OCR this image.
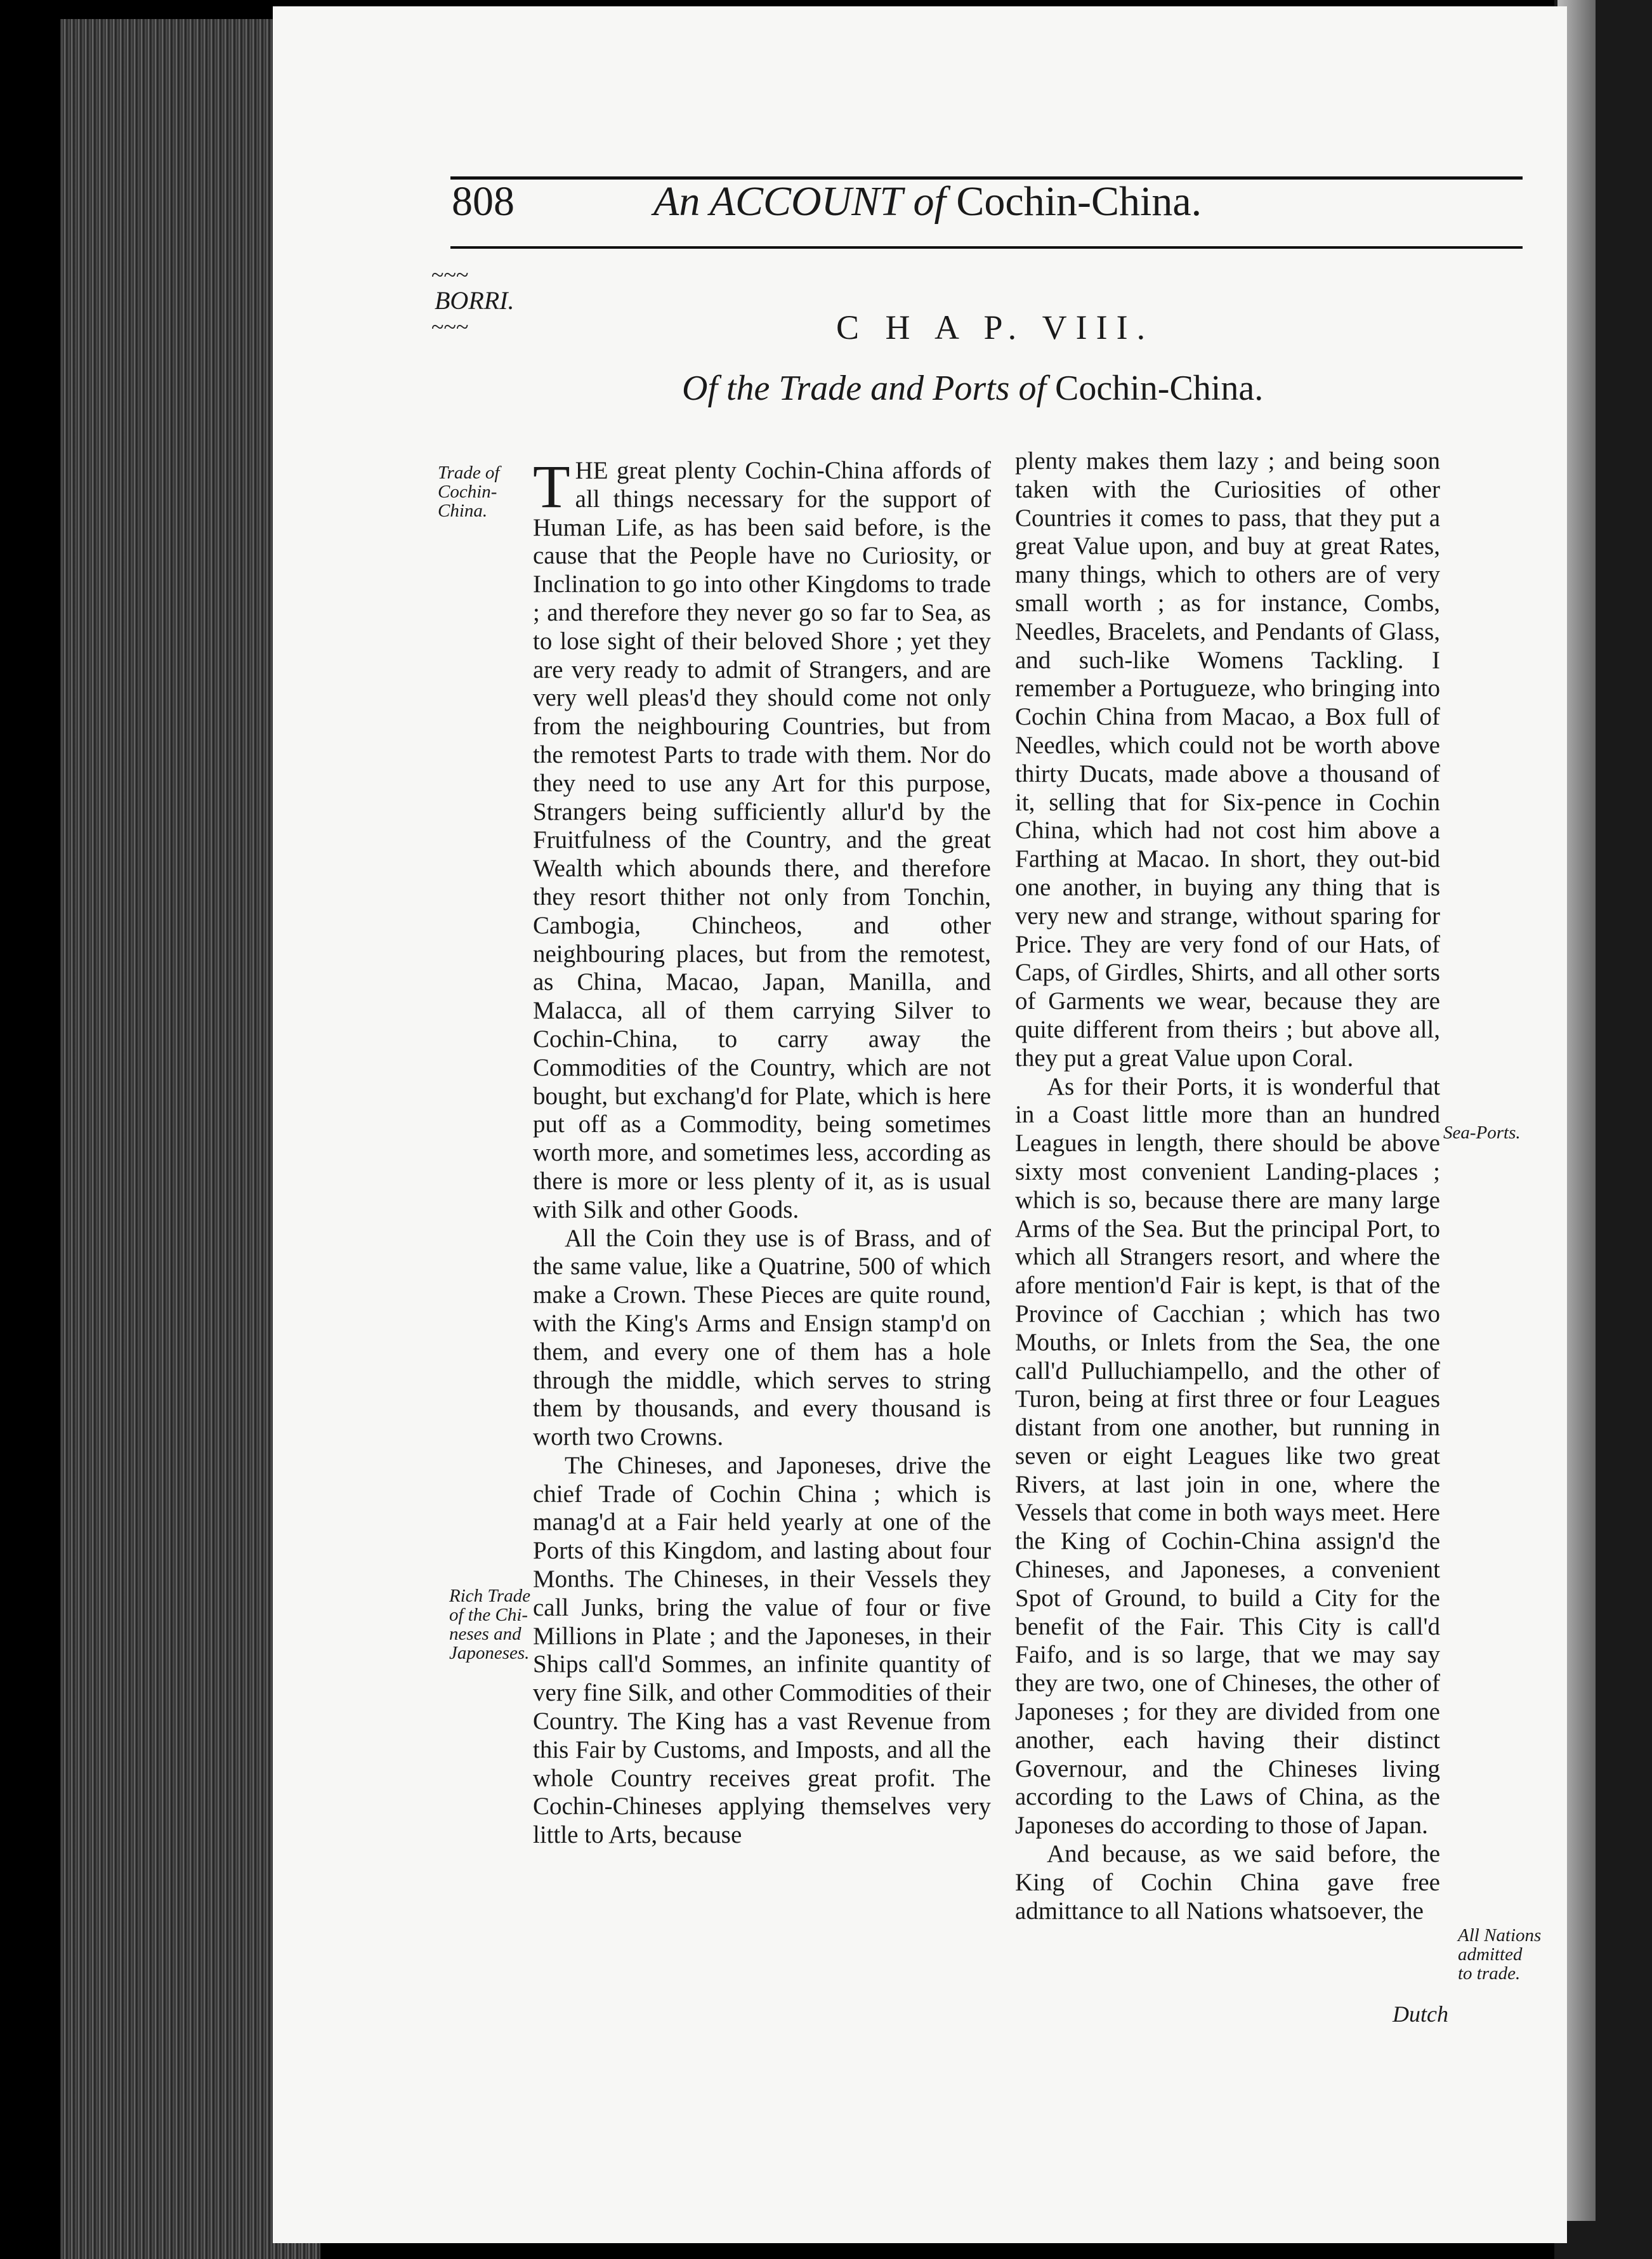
808	An ACCOUNT of Cochin-China.
~~~
BORRI.
~~~	C H A P. VIII.
Of the Trade and Ports of Cochin-China.
Trade of
Cochin-
China.
Rich Trade
of the Chi-
neses and
Japoneses.
Sea-Ports.
All Nations
admitted
to trade.

THE great plenty Cochin-China affords of all things necessary for the support of Human Life, as has been said before, is the cause that the People have no Curiosity, or Inclination to go into other Kingdoms to trade ; and therefore they never go so far to Sea, as to lose sight of their beloved Shore ; yet they are very ready to admit of Strangers, and are very well pleas'd they should come not only from the neighbouring Countries, but from the remotest Parts to trade with them. Nor do they need to use any Art for this purpose, Strangers being sufficiently allur'd by the Fruitfulness of the Country, and the great Wealth which abounds there, and therefore they resort thither not only from Tonchin, Cambogia, Chincheos, and other neighbouring places, but from the remotest, as China, Macao, Japan, Manilla, and Malacca, all of them carrying Silver to Cochin-China, to carry away the Commodities of the Country, which are not bought, but exchang'd for Plate, which is here put off as a Commodity, being sometimes worth more, and sometimes less, according as there is more or less plenty of it, as is usual with Silk and other Goods.

All the Coin they use is of Brass, and of the same value, like a Quatrine, 500 of which make a Crown. These Pieces are quite round, with the King's Arms and Ensign stamp'd on them, and every one of them has a hole through the middle, which serves to string them by thousands, and every thousand is worth two Crowns.

The Chineses, and Japoneses, drive the chief Trade of Cochin China ; which is manag'd at a Fair held yearly at one of the Ports of this Kingdom, and lasting about four Months. The Chineses, in their Vessels they call Junks, bring the value of four or five Millions in Plate ; and the Japoneses, in their Ships call'd Sommes, an infinite quantity of very fine Silk, and other Commodities of their Country. The King has a vast Revenue from this Fair by Customs, and Imposts, and all the whole Country receives great profit. The Cochin-Chineses applying themselves very little to Arts, because

plenty makes them lazy ; and being soon taken with the Curiosities of other Countries it comes to pass, that they put a great Value upon, and buy at great Rates, many things, which to others are of very small worth ; as for instance, Combs, Needles, Bracelets, and Pendants of Glass, and such-like Womens Tackling. I remember a Portugueze, who bringing into Cochin China from Macao, a Box full of Needles, which could not be worth above thirty Ducats, made above a thousand of it, selling that for Six-pence in Cochin China, which had not cost him above a Farthing at Macao. In short, they out-bid one another, in buying any thing that is very new and strange, without sparing for Price. They are very fond of our Hats, of Caps, of Girdles, Shirts, and all other sorts of Garments we wear, because they are quite different from theirs ; but above all, they put a great Value upon Coral.

As for their Ports, it is wonderful that in a Coast little more than an hundred Leagues in length, there should be above sixty most convenient Landing-places ; which is so, because there are many large Arms of the Sea. But the principal Port, to which all Strangers resort, and where the afore mention'd Fair is kept, is that of the Province of Cacchian ; which has two Mouths, or Inlets from the Sea, the one call'd Pulluchiampello, and the other of Turon, being at first three or four Leagues distant from one another, but running in seven or eight Leagues like two great Rivers, at last join in one, where the Vessels that come in both ways meet. Here the King of Cochin-China assign'd the Chineses, and Japoneses, a convenient Spot of Ground, to build a City for the benefit of the Fair. This City is call'd Faifo, and is so large, that we may say they are two, one of Chineses, the other of Japoneses ; for they are divided from one another, each having their distinct Governour, and the Chineses living according to the Laws of China, as the Japoneses do according to those of Japan.

And because, as we said before, the King of Cochin China gave free admittance to all Nations whatsoever, the

Dutch
